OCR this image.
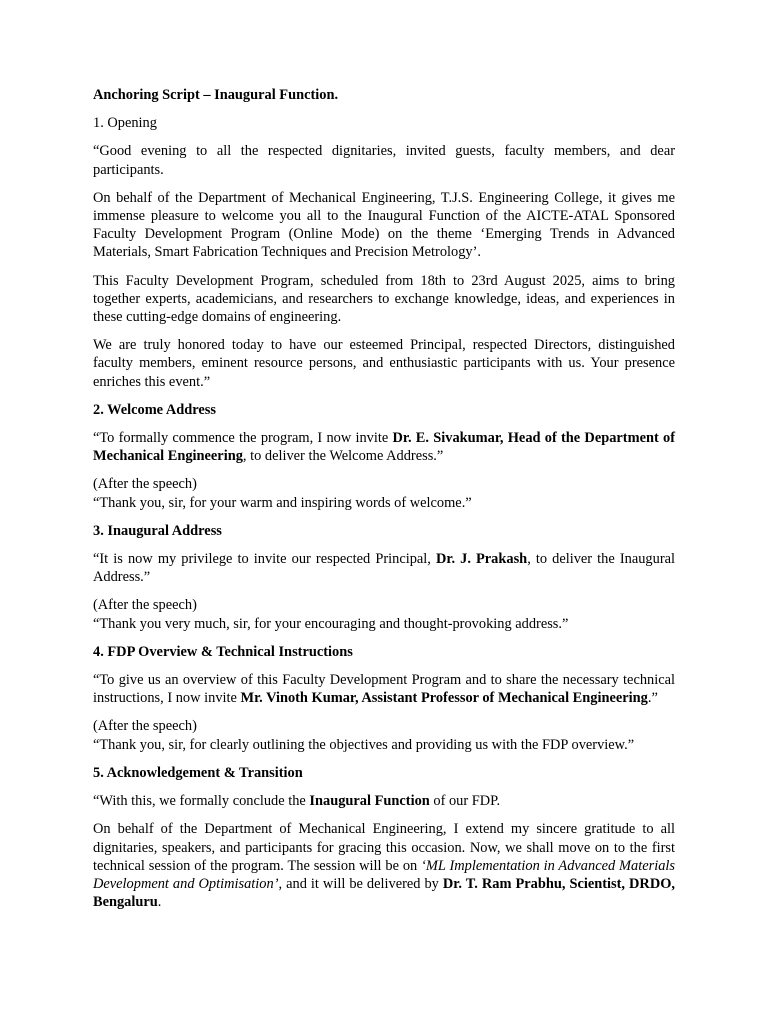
Anchoring Script – Inaugural Function.

1. Opening

“Good evening to all the respected dignitaries, invited guests, faculty members, and dear participants.

On behalf of the Department of Mechanical Engineering, T.J.S. Engineering College, it gives me immense pleasure to welcome you all to the Inaugural Function of the AICTE-ATAL Sponsored Faculty Development Program (Online Mode) on the theme ‘Emerging Trends in Advanced Materials, Smart Fabrication Techniques and Precision Metrology’.

This Faculty Development Program, scheduled from 18th to 23rd August 2025, aims to bring together experts, academicians, and researchers to exchange knowledge, ideas, and experiences in these cutting-edge domains of engineering.

We are truly honored today to have our esteemed Principal, respected Directors, distinguished faculty members, eminent resource persons, and enthusiastic participants with us. Your presence enriches this event.”

2. Welcome Address

“To formally commence the program, I now invite Dr. E. Sivakumar, Head of the Department of Mechanical Engineering, to deliver the Welcome Address.”

(After the speech)
“Thank you, sir, for your warm and inspiring words of welcome.”

3. Inaugural Address

“It is now my privilege to invite our respected Principal, Dr. J. Prakash, to deliver the Inaugural Address.”

(After the speech)
“Thank you very much, sir, for your encouraging and thought-provoking address.”

4. FDP Overview & Technical Instructions

“To give us an overview of this Faculty Development Program and to share the necessary technical instructions, I now invite Mr. Vinoth Kumar, Assistant Professor of Mechanical Engineering.”

(After the speech)
“Thank you, sir, for clearly outlining the objectives and providing us with the FDP overview.”

5. Acknowledgement & Transition

“With this, we formally conclude the Inaugural Function of our FDP.

On behalf of the Department of Mechanical Engineering, I extend my sincere gratitude to all dignitaries, speakers, and participants for gracing this occasion. Now, we shall move on to the first technical session of the program. The session will be on ‘ML Implementation in Advanced Materials Development and Optimisation’, and it will be delivered by Dr. T. Ram Prabhu, Scientist, DRDO, Bengaluru.
